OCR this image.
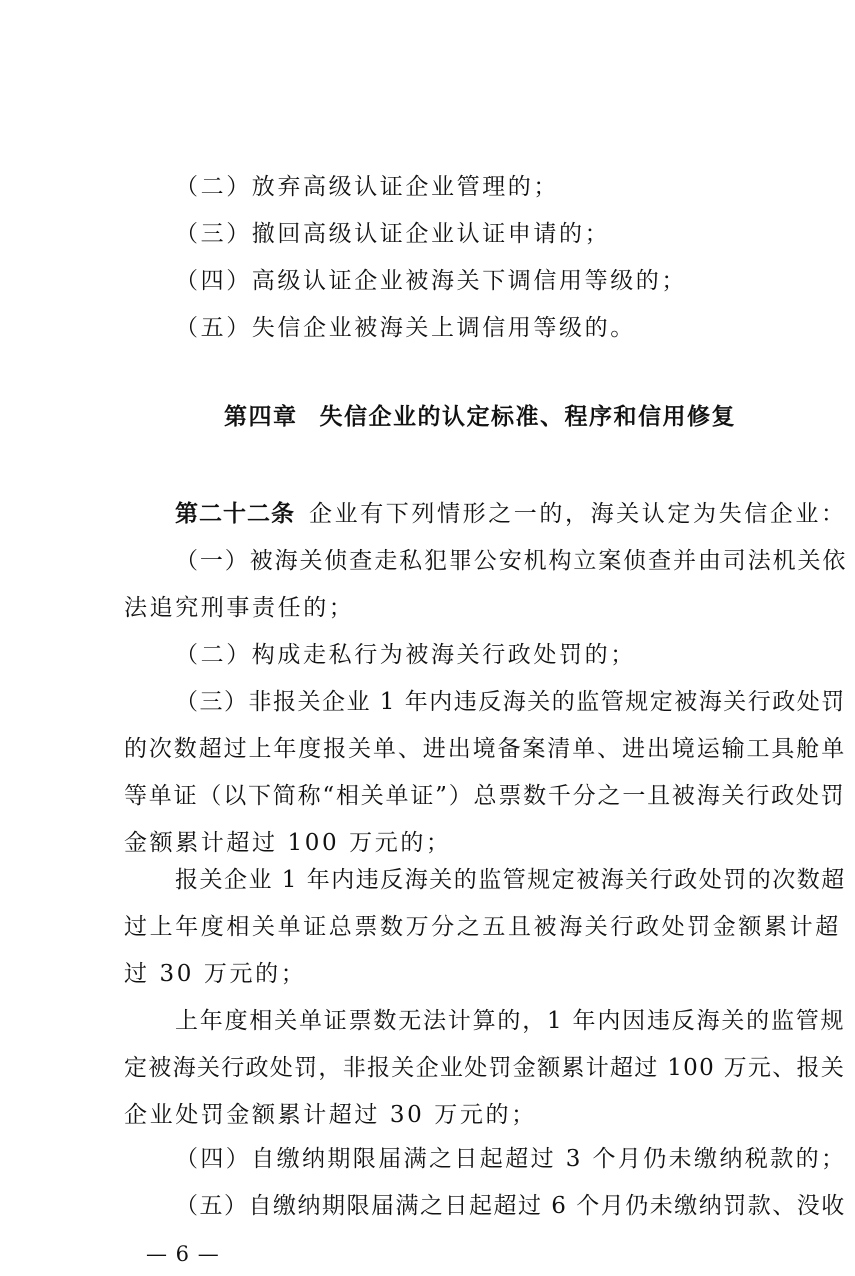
（二）放弃高级认证企业管理的；
（三）撤回高级认证企业认证申请的；
（四）高级认证企业被海关下调信用等级的；
（五）失信企业被海关上调信用等级的。
第四章 失信企业的认定标准、程序和信用修复
第二十二条 企业有下列情形之一的，海关认定为失信企业：
（一）被海关侦查走私犯罪公安机构立案侦查并由司法机关依
法追究刑事责任的；
（二）构成走私行为被海关行政处罚的；
（三）非报关企业 1 年内违反海关的监管规定被海关行政处罚
的次数超过上年度报关单、进出境备案清单、进出境运输工具舱单
等单证（以下简称“相关单证”）总票数千分之一且被海关行政处罚
金额累计超过 100 万元的；
报关企业 1 年内违反海关的监管规定被海关行政处罚的次数超
过上年度相关单证总票数万分之五且被海关行政处罚金额累计超
过 30 万元的；
上年度相关单证票数无法计算的，1 年内因违反海关的监管规
定被海关行政处罚，非报关企业处罚金额累计超过 100 万元、报关
企业处罚金额累计超过 30 万元的；
（四）自缴纳期限届满之日起超过 3 个月仍未缴纳税款的；
（五）自缴纳期限届满之日起超过 6 个月仍未缴纳罚款、没收
— 6 —
